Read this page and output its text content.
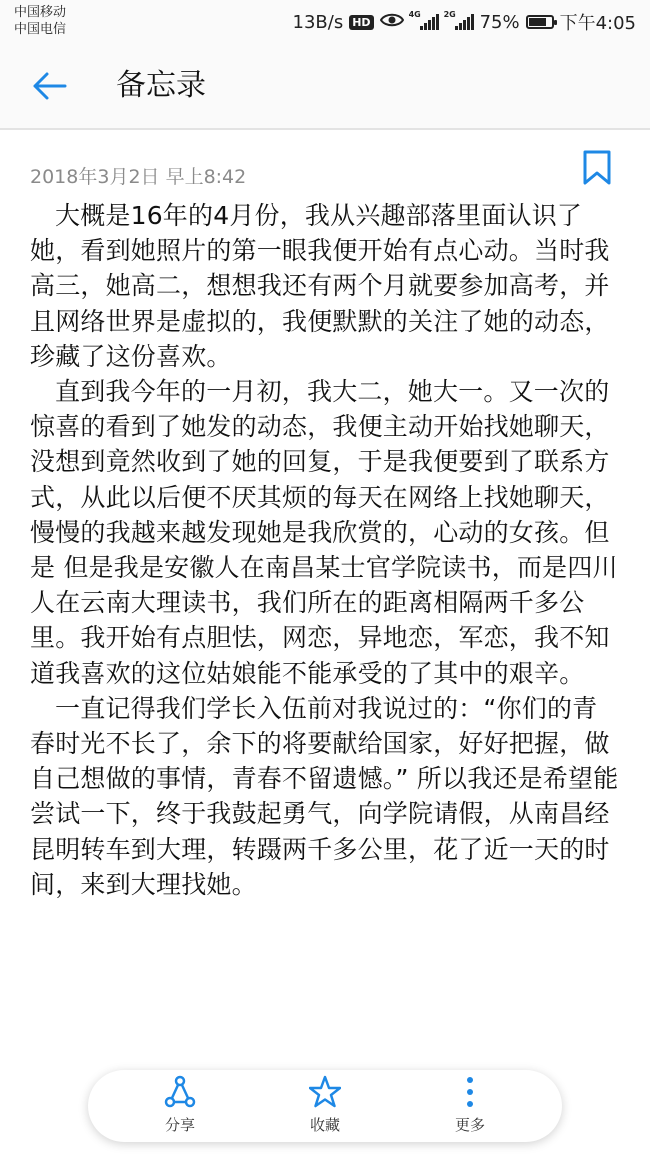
中国移动
中国电信	13B/s HD
4G	2G 75% 下午4:05
备忘录
2018年3月2日 早上8:42

大概是16年的4月份，我从兴趣部落里面认识了她，看到她照片的第一眼我便开始有点心动。当时我高三，她高二，想想我还有两个月就要参加高考，并且网络世界是虚拟的，我便默默的关注了她的动态，珍藏了这份喜欢。

直到我今年的一月初，我大二，她大一。又一次的惊喜的看到了她发的动态，我便主动开始找她聊天，没想到竟然收到了她的回复，于是我便要到了联系方式，从此以后便不厌其烦的每天在网络上找她聊天， 慢慢的我越来越发现她是我欣赏的，心动的女孩。但是 但是我是安徽人在南昌某士官学院读书，而是四川人在云南大理读书，我们所在的距离相隔两千多公里。我开始有点胆怯，网恋，异地恋，军恋，我不知道我喜欢的这位姑娘能不能承受的了其中的艰辛。

一直记得我们学长入伍前对我说过的：“你们的青春时光不长了，余下的将要献给国家，好好把握，做自己想做的事情，青春不留遗憾。” 所以我还是希望能尝试一下，终于我鼓起勇气，向学院请假，从南昌经昆明转车到大理，转蹑两千多公里，花了近一天的时间，来到大理找她。

分享	收藏	更多
